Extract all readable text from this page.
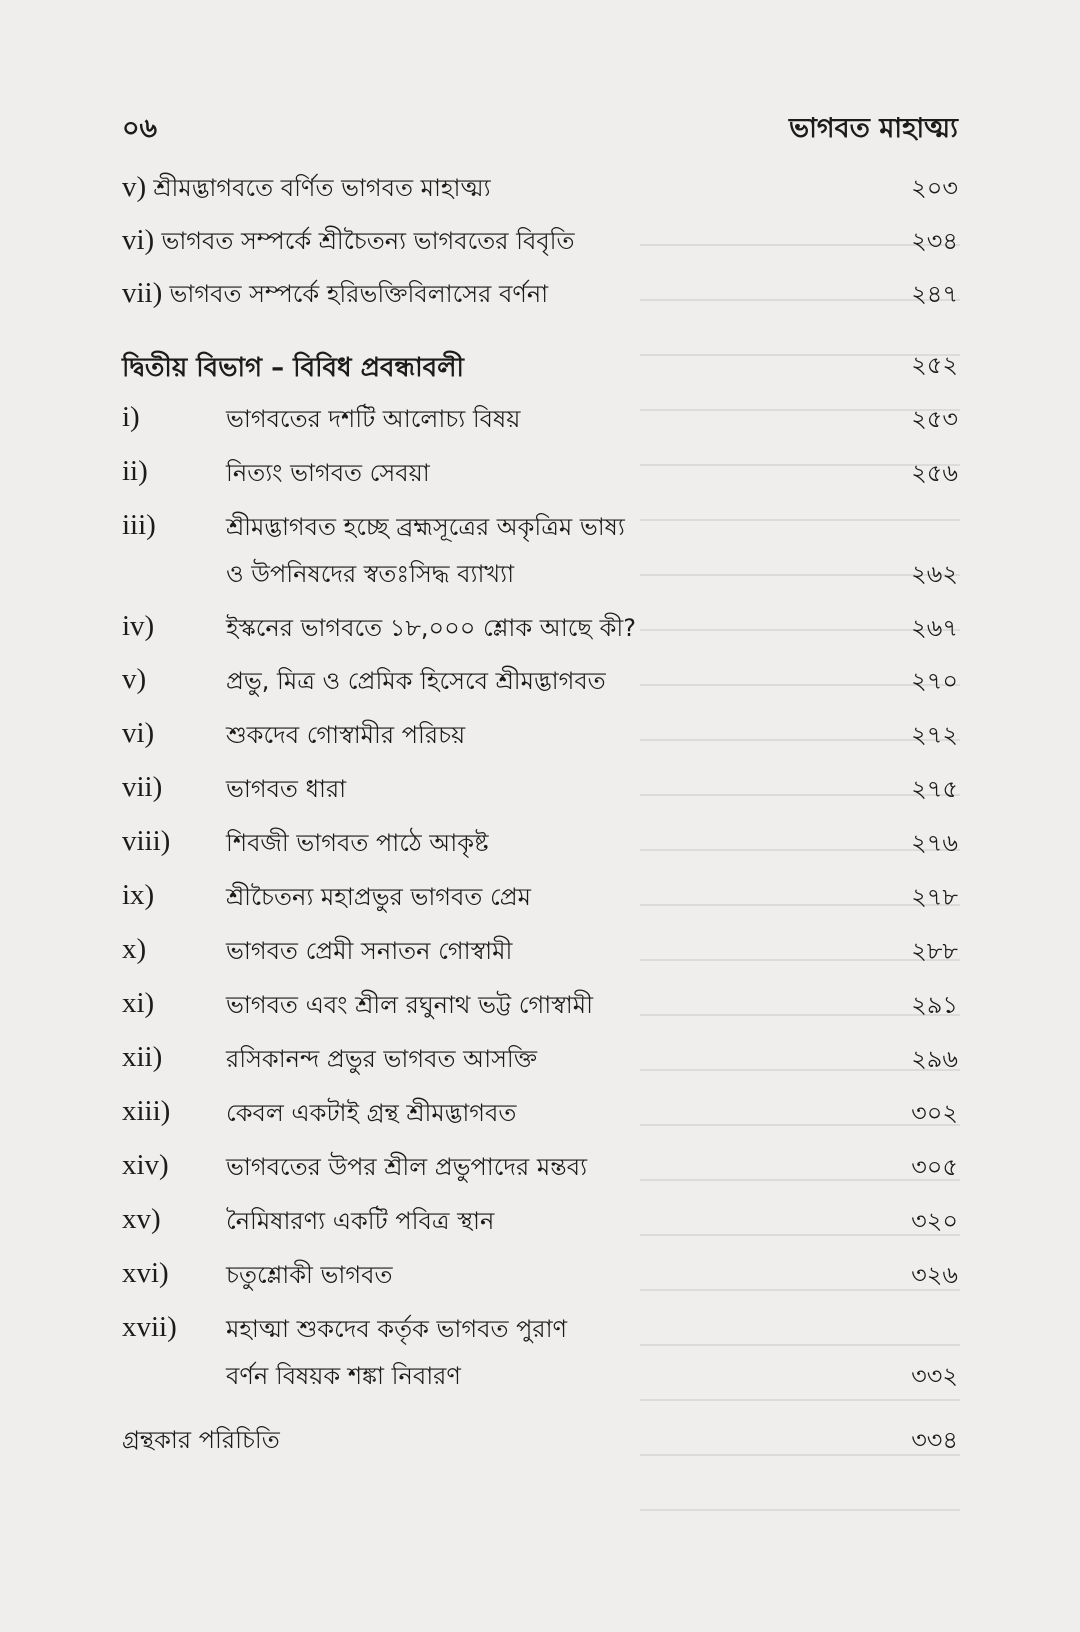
০৬	ভাগবত মাহাত্ম্য
v) শ্রীমদ্ভাগবতে বর্ণিত ভাগবত মাহাত্ম্য	২০৩
vi) ভাগবত সম্পর্কে শ্রীচৈতন্য ভাগবতের বিবৃতি	২৩৪
vii) ভাগবত সম্পর্কে হরিভক্তিবিলাসের বর্ণনা	২৪৭
দ্বিতীয় বিভাগ – বিবিধ প্রবন্ধাবলী	২৫২
i)	ভাগবতের দশটি আলোচ্য বিষয়	২৫৩
ii)	নিত্যং ভাগবত সেবয়া	২৫৬
iii)	শ্রীমদ্ভাগবত হচ্ছে ব্রহ্মসূত্রের অকৃত্রিম ভাষ্য
ও উপনিষদের স্বতঃসিদ্ধ ব্যাখ্যা	২৬২
iv)	ইস্কনের ভাগবতে ১৮,০০০ শ্লোক আছে কী?	২৬৭
v)	প্রভু, মিত্র ও প্রেমিক হিসেবে শ্রীমদ্ভাগবত	২৭০
vi)	শুকদেব গোস্বামীর পরিচয়	২৭২
vii)	ভাগবত ধারা	২৭৫
viii) শিবজী ভাগবত পাঠে আকৃষ্ট	২৭৬
ix)	শ্রীচৈতন্য মহাপ্রভুর ভাগবত প্রেম	২৭৮
x)	ভাগবত প্রেমী সনাতন গোস্বামী	২৮৮
xi)	ভাগবত এবং শ্রীল রঘুনাথ ভট্ট গোস্বামী	২৯১
xii)	রসিকানন্দ প্রভুর ভাগবত আসক্তি	২৯৬
xiii) কেবল একটাই গ্রন্থ শ্রীমদ্ভাগবত	৩০২
xiv) ভাগবতের উপর শ্রীল প্রভুপাদের মন্তব্য	৩০৫
xv)	নৈমিষারণ্য একটি পবিত্র স্থান	৩২০
xvi) চতুশ্লোকী ভাগবত	৩২৬
xvii) মহাত্মা শুকদেব কর্তৃক ভাগবত পুরাণ
বর্ণন বিষয়ক শঙ্কা নিবারণ	৩৩২
গ্রন্থকার পরিচিতি	৩৩৪
